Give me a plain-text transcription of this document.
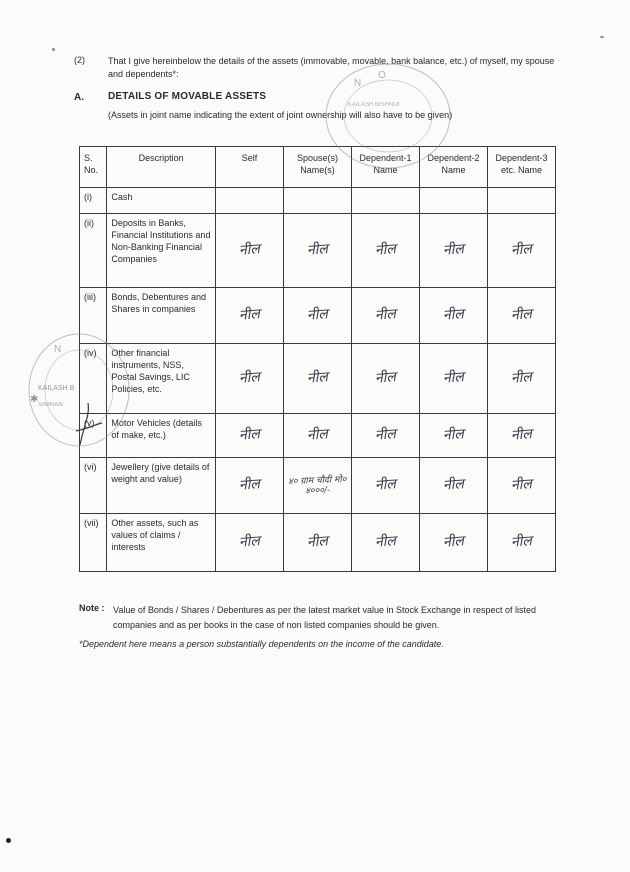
(2)	That I give hereinbelow the details of the assets (immovable, movable, bank balance, etc.) of myself, my spouse and dependents*:
A. DETAILS OF MOVABLE ASSETS
(Assets in joint name indicating the extent of joint ownership will also have to be given)
S. No.	Description	Self	Spouse(s) Name(s)	Dependent-1 Name	Dependent-2 Name	Dependent-3 etc. Name
(i)	Cash					
(ii)	Deposits in Banks, Financial Institutions and Non-Banking Financial Companies	नील	नील	नील	नील	नील
(iii)	Bonds, Debentures and Shares in companies	नील	नील	नील	नील	नील
(iv)	Other financial instruments, NSS, Postal Savings, LIC Policies, etc.	नील	नील	नील	नील	नील
(v)	Motor Vehicles (details of make, etc.)	नील	नील	नील	नील	नील
(vi)	Jewellery (give details of weight and value)	नील	४० ग्राम चौदी मो० ४०००/-	नील	नील	नील
(vii)	Other assets, such as values of claims / interests	नील	नील	नील	नील	नील
Note : Value of Bonds / Shares / Debentures as per the latest market value in Stock Exchange in respect of listed companies and as per books in the case of non listed companies should be given.
*Dependent here means a person substantially dependents on the income of the candidate.
N
O
KAILASH BISHNOI
N
KAILASH B
SABRAN
✱
